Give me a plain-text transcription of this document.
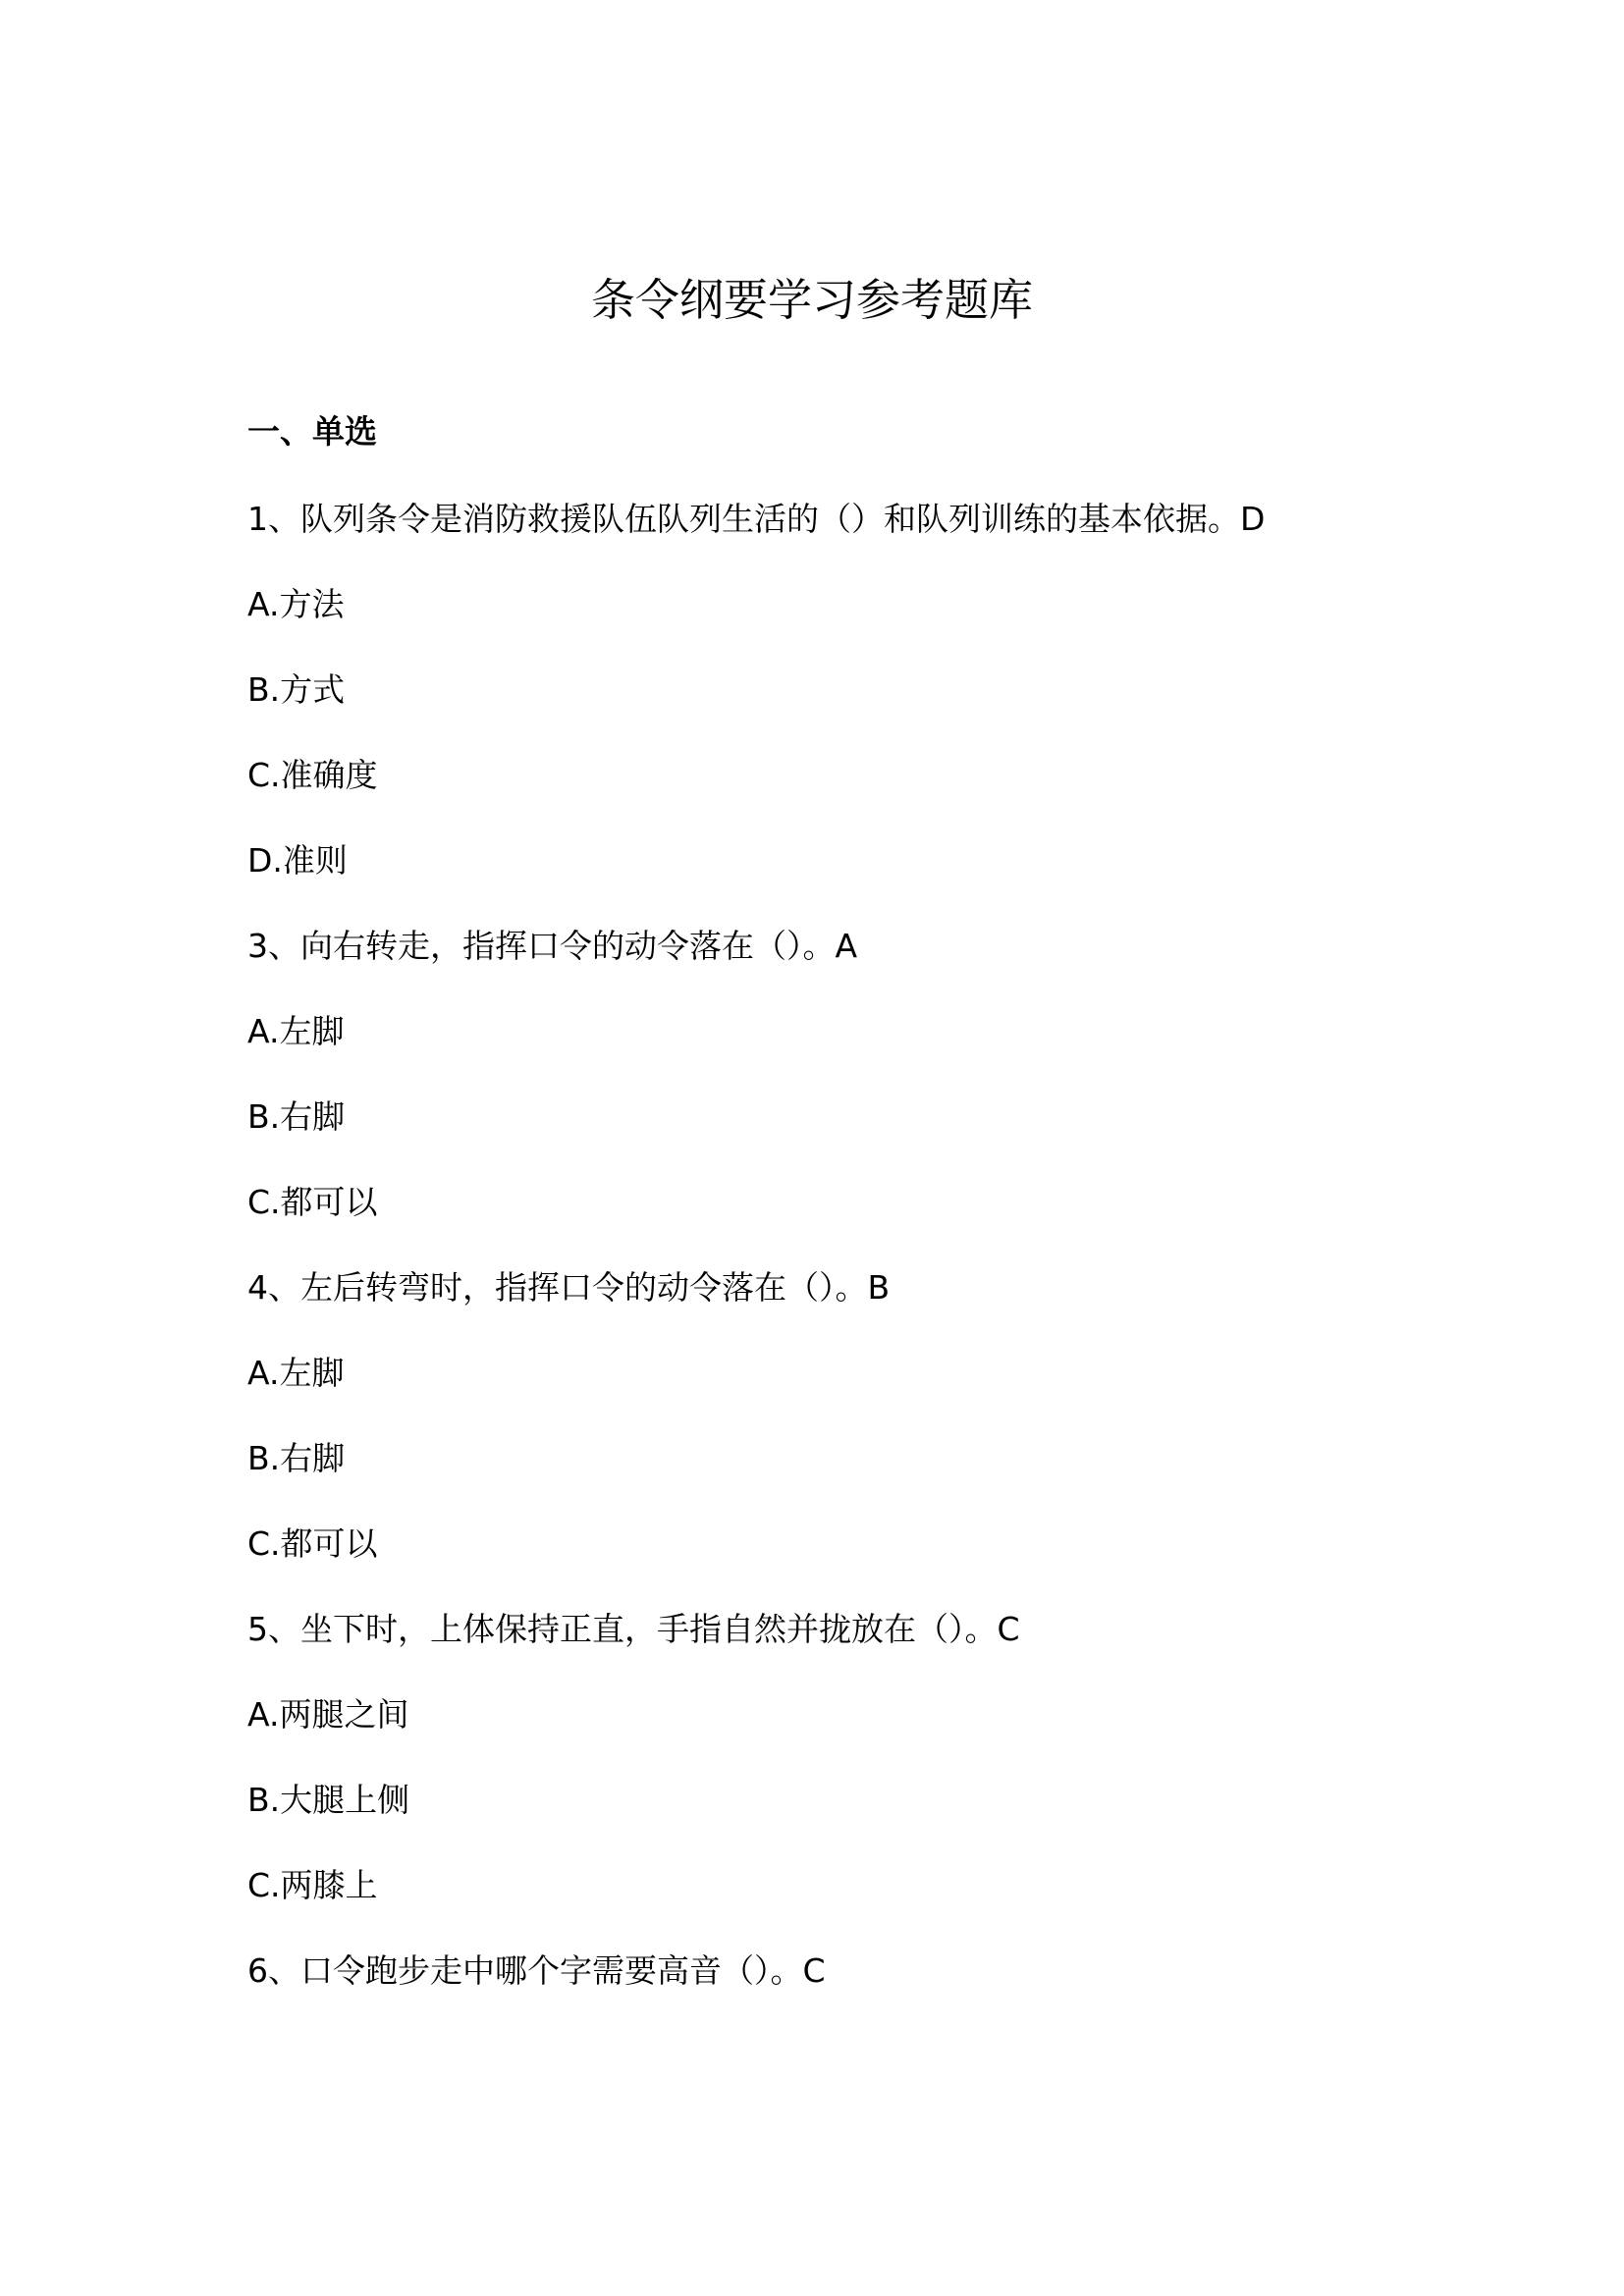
条令纲要学习参考题库
一、单选
1、队列条令是消防救援队伍队列生活的（）和队列训练的基本依据。D
A.方法
B.方式
C.准确度
D.准则
3、向右转走，指挥口令的动令落在（）。A
A.左脚
B.右脚
C.都可以
4、左后转弯时，指挥口令的动令落在（）。B
A.左脚
B.右脚
C.都可以
5、坐下时，上体保持正直，手指自然并拢放在（）。C
A.两腿之间
B.大腿上侧
C.两膝上
6、口令跑步走中哪个字需要高音（）。C
